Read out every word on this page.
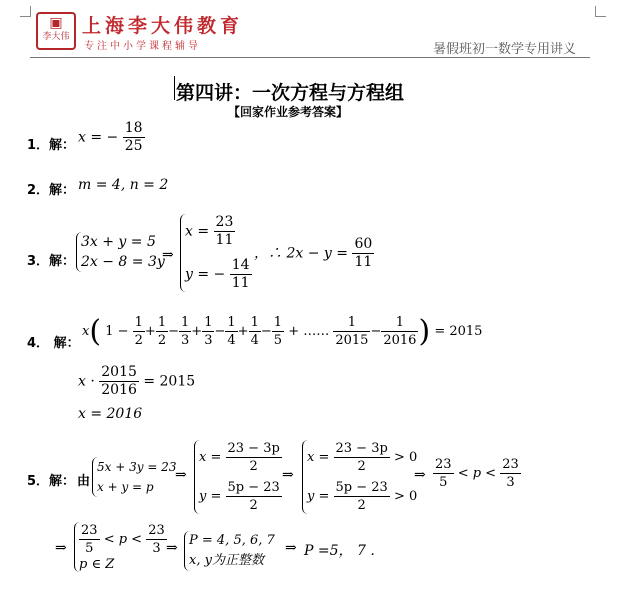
▣
李大伟 上海李大伟教育
专注中小学课程辅导	暑假班初一数学专用讲义
第四讲：一次方程与方程组
【回家作业参考答案】
1．解： x = − $\frac{18}{25}$
2．解： m = 4, n = 2
3．解：
3x + y = 5
2x − 8 = 3y
⇒
$x = \frac{23}{11}$
y = − $\frac{14}{11}$
，∴ $2x - y = \frac{60}{11}$
4． 解：
x( $1 - \frac{1}{2} + \frac{1}{2} - \frac{1}{3} + \frac{1}{3} - \frac{1}{4} + \frac{1}{4} - \frac{1}{5}$ + …… $\frac{1}{2015} - \frac{1}{2016}$ ) = 2015
$x \cdot \frac{2015}{2016} = 2015$
x = 2016
5．解： 由
5x + 3y = 23
x + y = p
⇒
$x = \frac{23 - 3p}{2}$
$y = \frac{5p - 23}{2}$
⇒
$x = \frac{23 - 3p}{2} > 0$
$y = \frac{5p - 23}{2} > 0$
⇒ $\frac{23}{5} < p < \frac{23}{3}$
⇒ $\frac{23}{5} < p < \frac{23}{3}$
p ∈ Z
⇒ P = 4, 5, 6, 7
x, y为正整数
⇒ P =5， 7 .
